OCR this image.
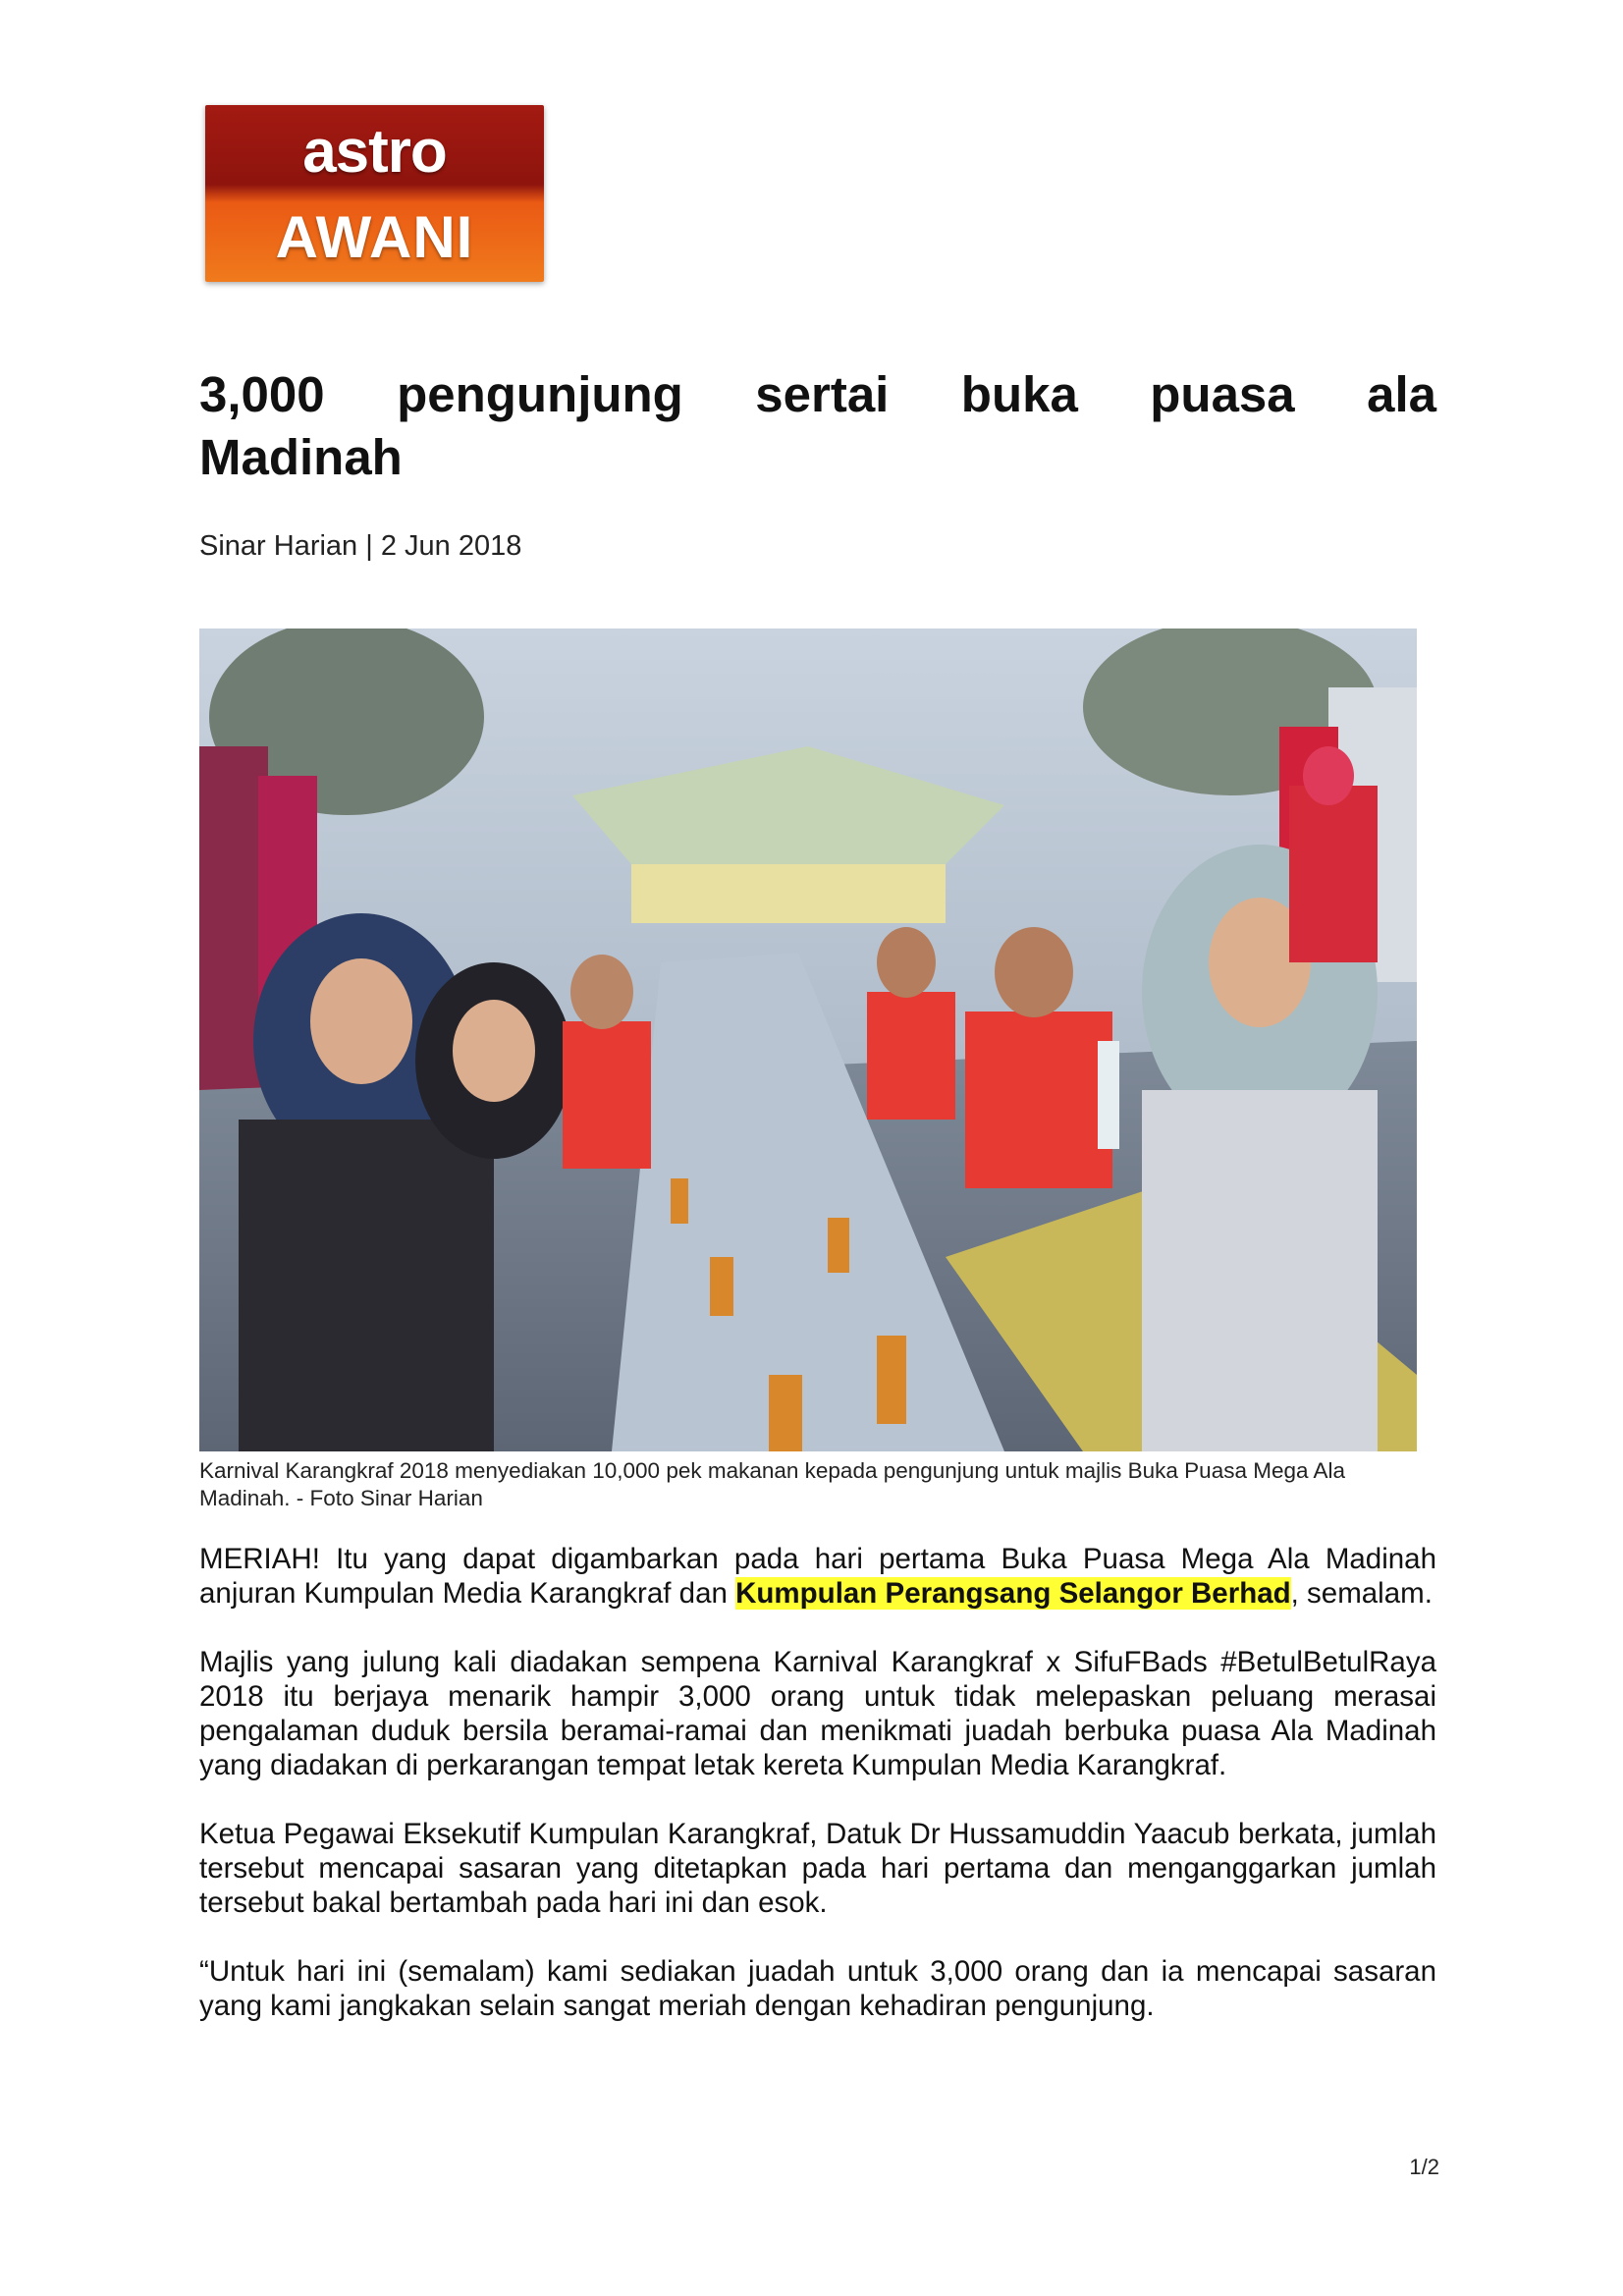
astro
AWANI
3,000 pengunjung sertai buka puasa ala
Madinah
Sinar Harian | 2 Jun 2018
Karnival Karangkraf 2018 menyediakan 10,000 pek makanan kepada pengunjung untuk majlis Buka Puasa Mega Ala Madinah. - Foto Sinar Harian

MERIAH! Itu yang dapat digambarkan pada hari pertama Buka Puasa Mega Ala Madinah anjuran Kumpulan Media Karangkraf dan Kumpulan Perangsang Selangor Berhad, semalam.

Majlis yang julung kali diadakan sempena Karnival Karangkraf x SifuFBads #BetulBetulRaya 2018 itu berjaya menarik hampir 3,000 orang untuk tidak melepaskan peluang merasai pengalaman duduk bersila beramai-ramai dan menikmati juadah berbuka puasa Ala Madinah yang diadakan di perkarangan tempat letak kereta Kumpulan Media Karangkraf.

Ketua Pegawai Eksekutif Kumpulan Karangkraf, Datuk Dr Hussamuddin Yaacub berkata, jumlah tersebut mencapai sasaran yang ditetapkan pada hari pertama dan menganggarkan jumlah tersebut bakal bertambah pada hari ini dan esok.

“Untuk hari ini (semalam) kami sediakan juadah untuk 3,000 orang dan ia mencapai sasaran yang kami jangkakan selain sangat meriah dengan kehadiran pengunjung.

1/2
